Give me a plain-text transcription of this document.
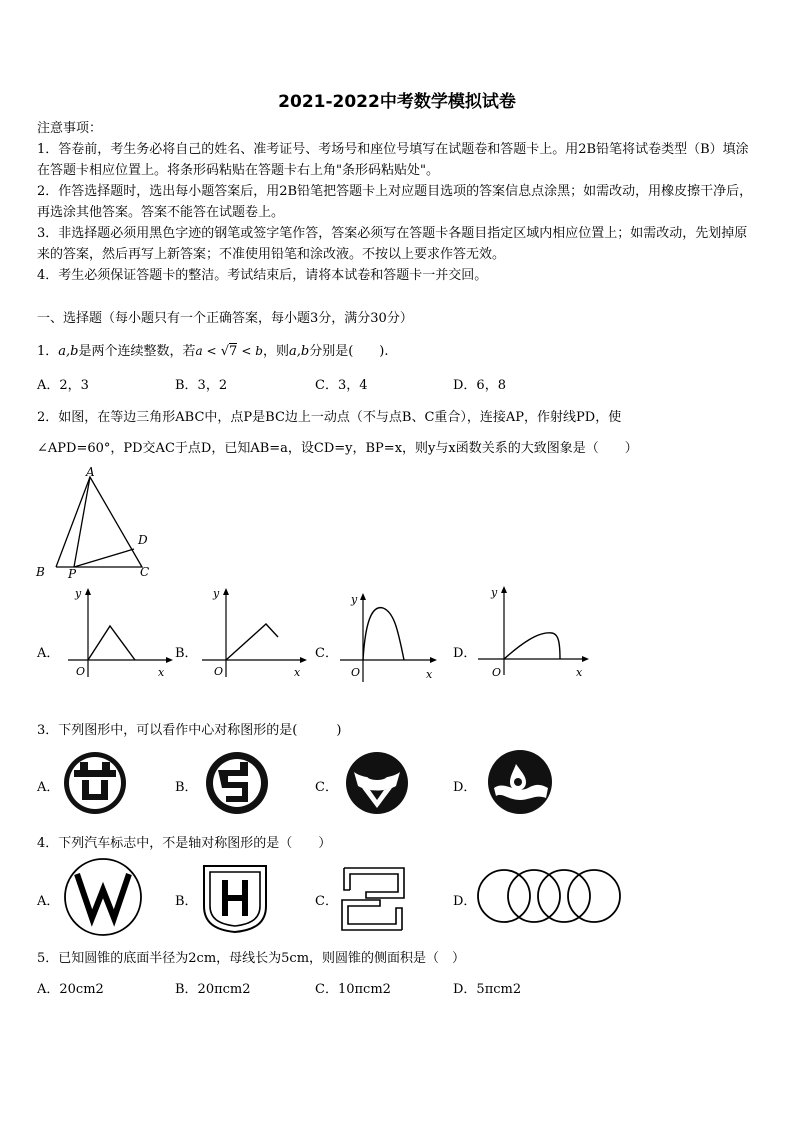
2021-2022中考数学模拟试卷

注意事项：

1．答卷前，考生务必将自己的姓名、准考证号、考场号和座位号填写在试题卷和答题卡上。用2B铅笔将试卷类型（B）填涂在答题卡相应位置上。将条形码粘贴在答题卡右上角"条形码粘贴处"。

2．作答选择题时，选出每小题答案后，用2B铅笔把答题卡上对应题目选项的答案信息点涂黑；如需改动，用橡皮擦干净后，再选涂其他答案。答案不能答在试题卷上。

3．非选择题必须用黑色字迹的钢笔或签字笔作答，答案必须写在答题卡各题目指定区域内相应位置上；如需改动，先划掉原来的答案，然后再写上新答案；不准使用铅笔和涂改液。不按以上要求作答无效。

4．考生必须保证答题卡的整洁。考试结束后，请将本试卷和答题卡一并交回。

一、选择题（每小题只有一个正确答案，每小题3分，满分30分）
1．a,b是两个连续整数，若a < √7 < b，则a,b分别是(　　).
A．2，3	B．3，2	C．3，4	D．6，8
2．如图，在等边三角形ABC中，点P是BC边上一动点（不与点B、C重合），连接AP，作射线PD，使
∠APD=60°，PD交AC于点D，已知AB=a，设CD=y，BP=x，则y与x函数关系的大致图象是（　　）
A
B	C
D
P
A．
y
x
O
B．
y
x
O
C．
y
x
O
D．
y
x
O
3．下列图形中，可以看作中心对称图形的是(　　　)
A．	B．	C．	D．
4．下列汽车标志中，不是轴对称图形的是（　　）
A．	B．	C．	D．
5．已知圆锥的底面半径为2cm，母线长为5cm，则圆锥的侧面积是（　）
A．20cm2	B．20πcm2	C．10πcm2	D．5πcm2
